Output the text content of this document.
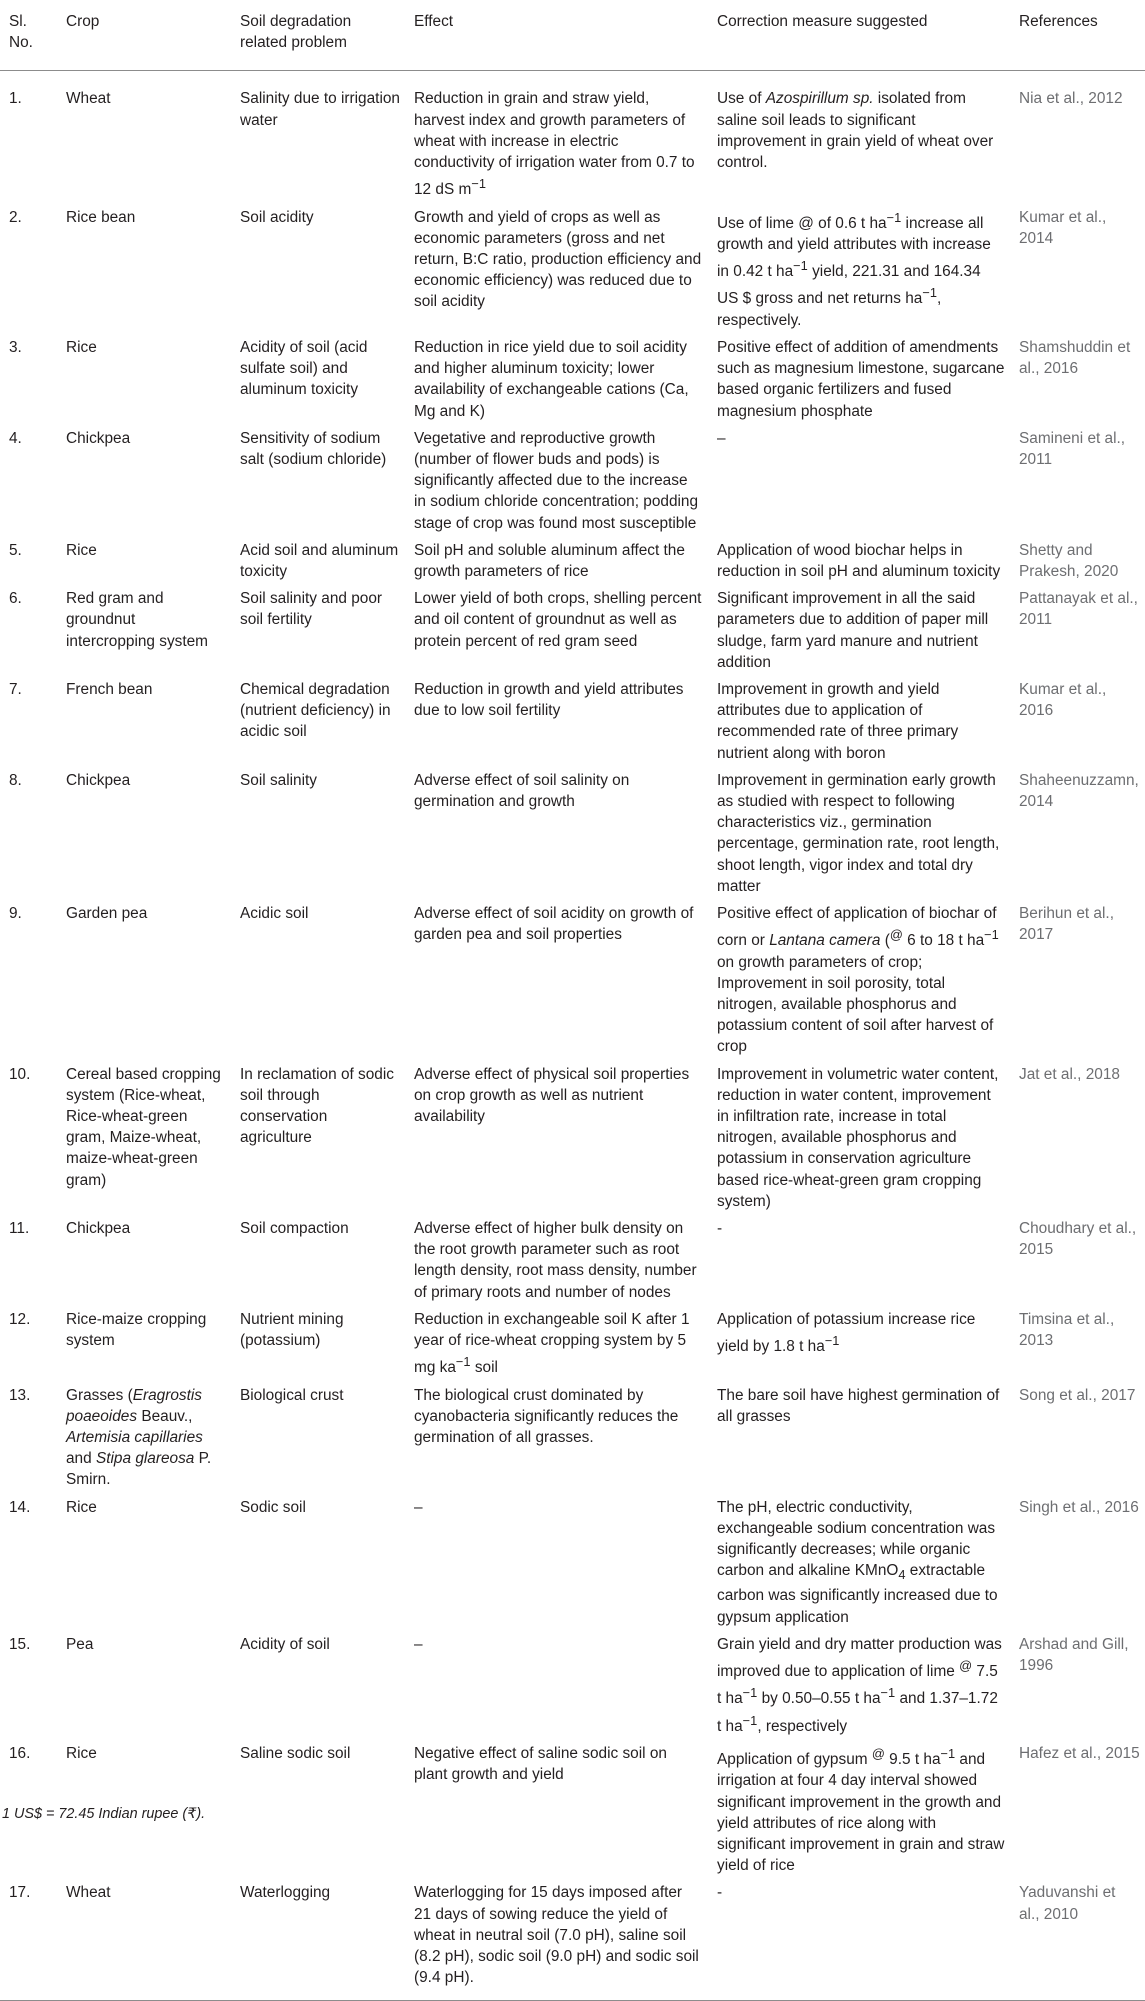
Sl. No.	Crop	Soil degradation related problem	Effect	Correction measure suggested	References
1.	Wheat	Salinity due to irrigation water	Reduction in grain and straw yield, harvest index and growth parameters of wheat with increase in electric conductivity of irrigation water from 0.7 to 12 dS $m^{-1}$	Use of Azospirillum sp. isolated from saline soil leads to significant improvement in grain yield of wheat over control.	Nia et al., 2012
2.	Rice bean	Soil acidity	Growth and yield of crops as well as economic parameters (gross and net return, B:C ratio, production efficiency and economic efficiency) was reduced due to soil acidity	Use of lime @ of 0.6 t $ha^{-1}$ increase all growth and yield attributes with increase in 0.42 t $ha^{-1}$ yield, 221.31 and 164.34 US $ gross and net returns $ha^{-1}$, respectively.	Kumar et al., 2014
3.	Rice	Acidity of soil (acid sulfate soil) and aluminum toxicity	Reduction in rice yield due to soil acidity and higher aluminum toxicity; lower availability of exchangeable cations (Ca, Mg and K)	Positive effect of addition of amendments such as magnesium limestone, sugarcane based organic fertilizers and fused magnesium phosphate	Shamshuddin et al., 2016
4.	Chickpea	Sensitivity of sodium salt (sodium chloride)	Vegetative and reproductive growth (number of flower buds and pods) is significantly affected due to the increase in sodium chloride concentration; podding stage of crop was found most susceptible	–	Samineni et al., 2011
5.	Rice	Acid soil and aluminum toxicity	Soil pH and soluble aluminum affect the growth parameters of rice	Application of wood biochar helps in reduction in soil pH and aluminum toxicity	Shetty and Prakesh, 2020
6.	Red gram and groundnut intercropping system	Soil salinity and poor soil fertility	Lower yield of both crops, shelling percent and oil content of groundnut as well as protein percent of red gram seed	Significant improvement in all the said parameters due to addition of paper mill sludge, farm yard manure and nutrient addition	Pattanayak et al., 2011
7.	French bean	Chemical degradation (nutrient deficiency) in acidic soil	Reduction in growth and yield attributes due to low soil fertility	Improvement in growth and yield attributes due to application of recommended rate of three primary nutrient along with boron	Kumar et al., 2016
8.	Chickpea	Soil salinity	Adverse effect of soil salinity on germination and growth	Improvement in germination early growth as studied with respect to following characteristics viz., germination percentage, germination rate, root length, shoot length, vigor index and total dry matter	Shaheenuzzamn, 2014
9.	Garden pea	Acidic soil	Adverse effect of soil acidity on growth of garden pea and soil properties	Positive effect of application of biochar of corn or Lantana camera (@ 6 to 18 t $ha^{-1}$ on growth parameters of crop; Improvement in soil porosity, total nitrogen, available phosphorus and potassium content of soil after harvest of crop	Berihun et al., 2017
10.	Cereal based cropping system (Rice-wheat, Rice-wheat-green gram, Maize-wheat, maize-wheat-green gram)	In reclamation of sodic soil through conservation agriculture	Adverse effect of physical soil properties on crop growth as well as nutrient availability	Improvement in volumetric water content, reduction in water content, improvement in infiltration rate, increase in total nitrogen, available phosphorus and potassium in conservation agriculture based rice-wheat-green gram cropping system)	Jat et al., 2018
11.	Chickpea	Soil compaction	Adverse effect of higher bulk density on the root growth parameter such as root length density, root mass density, number of primary roots and number of nodes	-	Choudhary et al., 2015
12.	Rice-maize cropping system	Nutrient mining (potassium)	Reduction in exchangeable soil K after 1 year of rice-wheat cropping system by 5 mg $ka^{-1}$ soil	Application of potassium increase rice yield by 1.8 t $ha^{-1}$	Timsina et al., 2013
13.	Grasses (Eragrostis poaeoides Beauv., Artemisia capillaries and Stipa glareosa P. Smirn.	Biological crust	The biological crust dominated by cyanobacteria significantly reduces the germination of all grasses.	The bare soil have highest germination of all grasses	Song et al., 2017
14.	Rice	Sodic soil	–	The pH, electric conductivity, exchangeable sodium concentration was significantly decreases; while organic carbon and alkaline KMnO$_4$ extractable carbon was significantly increased due to gypsum application	Singh et al., 2016
15.	Pea	Acidity of soil	–	Grain yield and dry matter production was improved due to application of lime @ 7.5 t $ha^{-1}$ by 0.50–0.55 t $ha^{-1}$ and 1.37–1.72 t $ha^{-1}$, respectively	Arshad and Gill, 1996
16.	Rice	Saline sodic soil	Negative effect of saline sodic soil on plant growth and yield	Application of gypsum @ 9.5 t $ha^{-1}$ and irrigation at four 4 day interval showed significant improvement in the growth and yield attributes of rice along with significant improvement in grain and straw yield of rice	Hafez et al., 2015
17.	Wheat	Waterlogging	Waterlogging for 15 days imposed after 21 days of sowing reduce the yield of wheat in neutral soil (7.0 pH), saline soil (8.2 pH), sodic soil (9.0 pH) and sodic soil (9.4 pH).	-	Yaduvanshi et al., 2010
1 US$ = 72.45 Indian rupee (₹).
